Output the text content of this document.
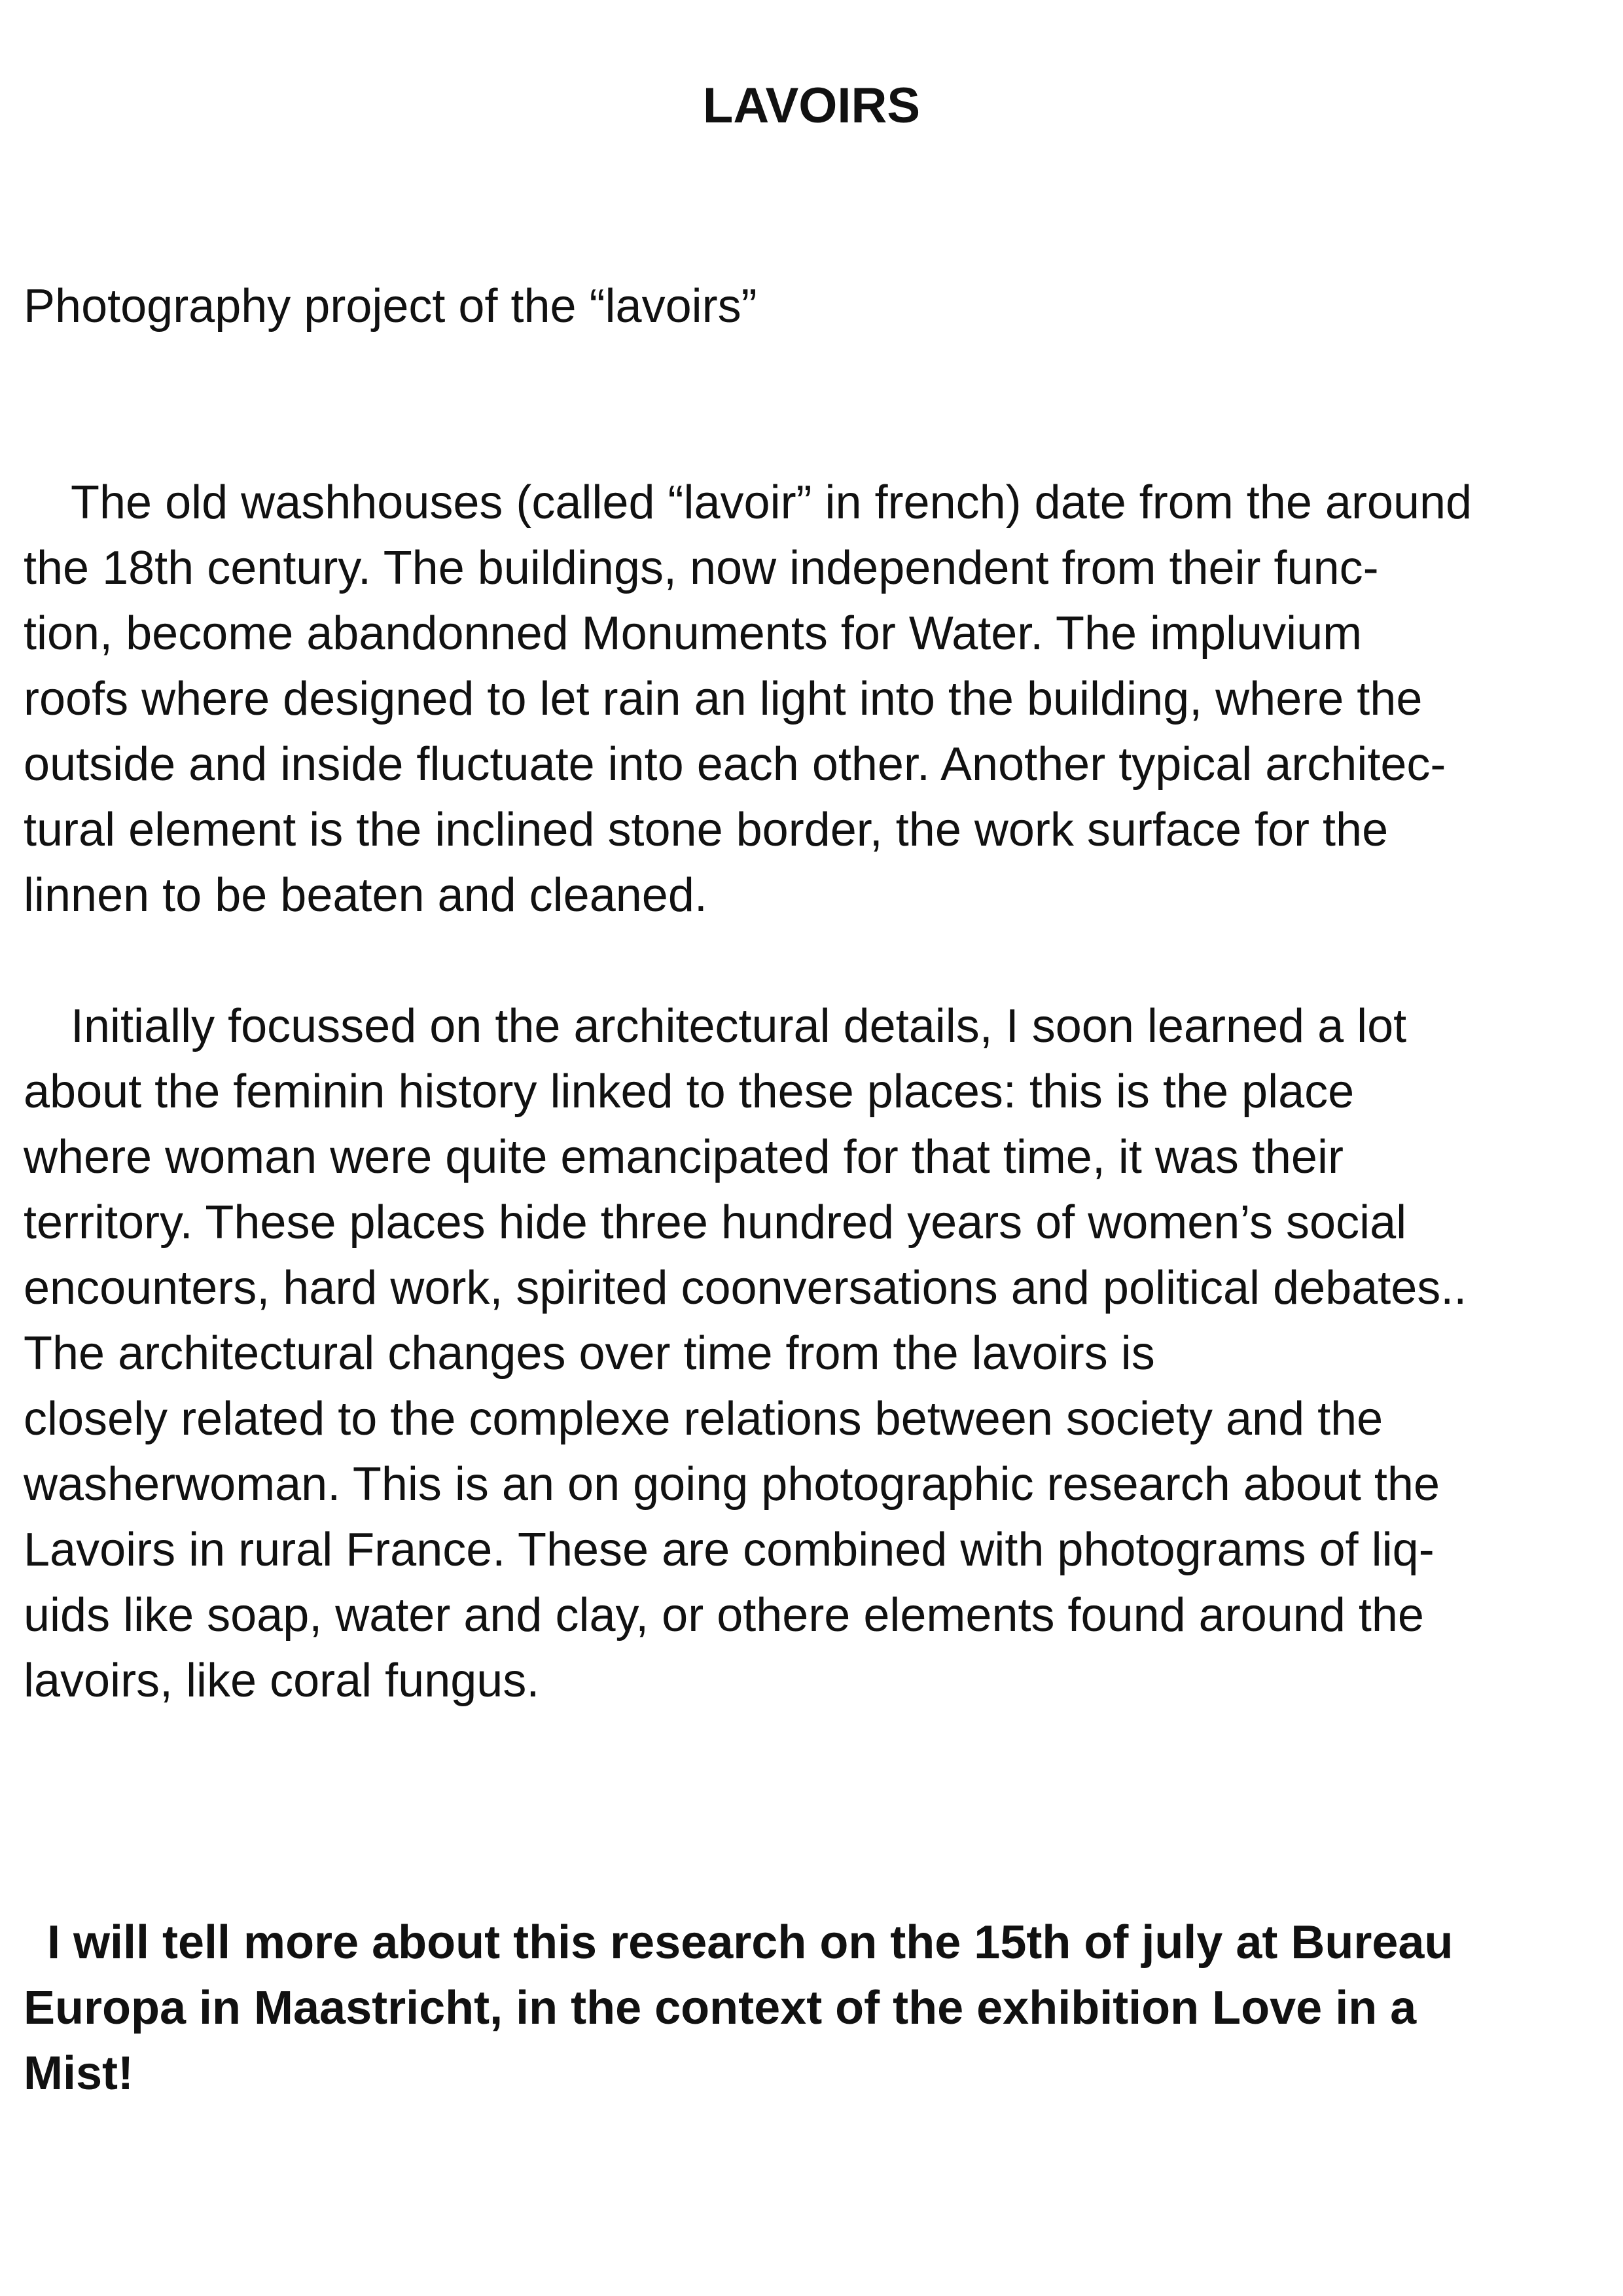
LAVOIRS

Photography project of the “lavoirs”

The old washhouses (called “lavoir” in french) date from the around
the 18th century. The buildings, now independent from their func-
tion, become abandonned Monuments for Water. The impluvium
roofs where designed to let rain an light into the building, where the
outside and inside fluctuate into each other. Another typical architec-
tural element is the inclined stone border, the work surface for the
linnen to be beaten and cleaned.
Initially focussed on the architectural details, I soon learned a lot
about the feminin history linked to these places: this is the place
where woman were quite emancipated for that time, it was their
territory. These places hide three hundred years of women’s social
encounters, hard work, spirited coonversations and political debates..
The architectural changes over time from the lavoirs is
closely related to the complexe relations between society and the
washerwoman. This is an on going photographic research about the
Lavoirs in rural France. These are combined with photograms of liq-
uids like soap, water and clay, or othere elements found around the
lavoirs, like coral fungus.
I will tell more about this research on the 15th of july at Bureau
Europa in Maastricht, in the context of the exhibition Love in a
Mist!
